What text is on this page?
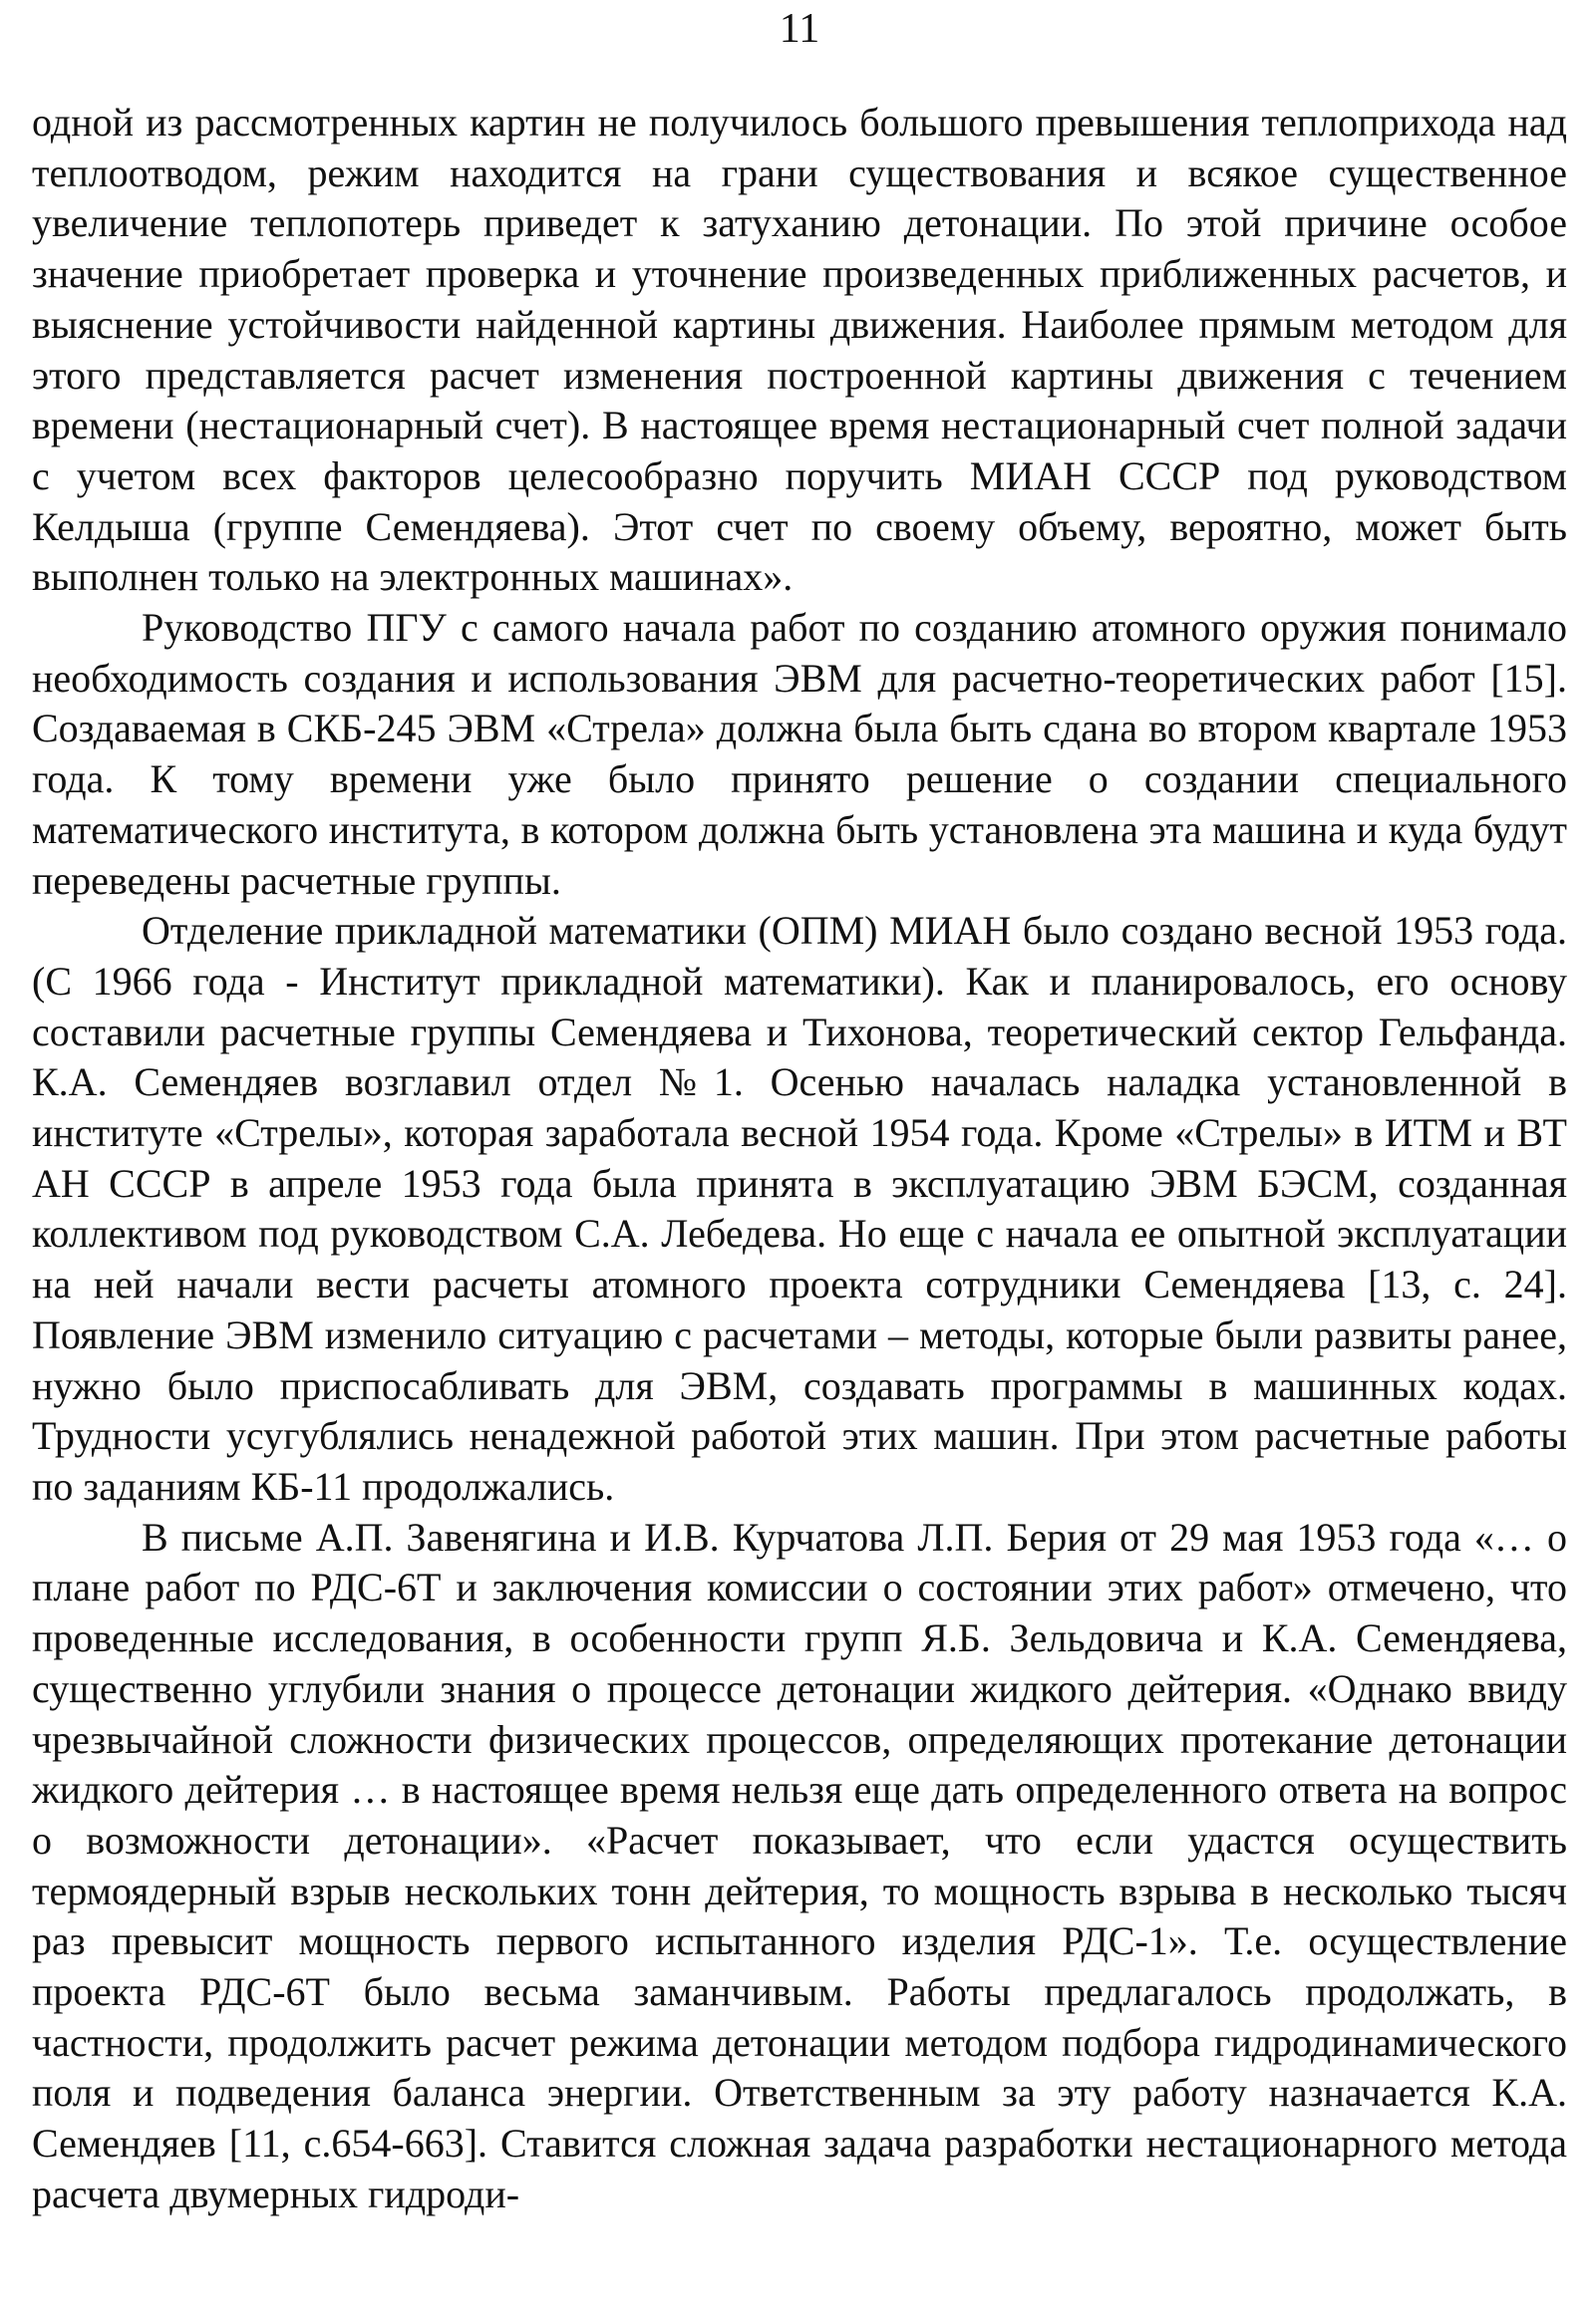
11

одной из рассмотренных картин не получилось большого превышения теплоприхода над теплоотводом, режим находится на грани существования и всякое существенное увеличение теплопотерь приведет к затуханию детонации. По этой причине особое значение приобретает проверка и уточнение произведенных приближенных расчетов, и выяснение устойчивости найденной картины движения. Наиболее прямым методом для этого представляется расчет изменения построенной картины движения с течением времени (нестационарный счет). В настоящее время нестационарный счет полной задачи с учетом всех факторов целесообразно поручить МИАН СССР под руководством Келдыша (группе Семендяева). Этот счет по своему объему, вероятно, может быть выполнен только на электронных машинах».

Руководство ПГУ с самого начала работ по созданию атомного оружия понимало необходимость создания и использования ЭВМ для расчетно-теоретических работ [15]. Создаваемая в СКБ-245 ЭВМ «Стрела» должна была быть сдана во втором квартале 1953 года. К тому времени уже было принято решение о создании специального математического института, в котором должна быть установлена эта машина и куда будут переведены расчетные группы.

Отделение прикладной математики (ОПМ) МИАН было создано весной 1953 года. (С 1966 года - Институт прикладной математики). Как и планировалось, его основу составили расчетные группы Семендяева и Тихонова, теоретический сектор Гельфанда. К.А. Семендяев возглавил отдел №1. Осенью началась наладка установленной в институте «Стрелы», которая заработала весной 1954 года. Кроме «Стрелы» в ИТМ и ВТ АН СССР в апреле 1953 года была принята в эксплуатацию ЭВМ БЭСМ, созданная коллективом под руководством С.А. Лебедева. Но еще с начала ее опытной эксплуатации на ней начали вести расчеты атомного проекта сотрудники Семендяева [13, с. 24]. Появление ЭВМ изменило ситуацию с расчетами – методы, которые были развиты ранее, нужно было приспосабливать для ЭВМ, создавать программы в машинных кодах. Трудности усугублялись ненадежной работой этих машин. При этом расчетные работы по заданиям КБ-11 продолжались.

В письме А.П. Завенягина и И.В. Курчатова Л.П. Берия от 29 мая 1953 года «… о плане работ по РДС-6Т и заключения комиссии о состоянии этих работ» отмечено, что проведенные исследования, в особенности групп Я.Б. Зельдовича и К.А. Семендяева, существенно углубили знания о процессе детонации жидкого дейтерия. «Однако ввиду чрезвычайной сложности физических процессов, определяющих протекание детонации жидкого дейтерия … в настоящее время нельзя еще дать определенного ответа на вопрос о возможности детонации». «Расчет показывает, что если удастся осуществить термоядерный взрыв нескольких тонн дейтерия, то мощность взрыва в несколько тысяч раз превысит мощность первого испытанного изделия РДС-1». Т.е. осуществление проекта РДС-6Т было весьма заманчивым. Работы предлагалось продолжать, в частности, продолжить расчет режима детонации методом подбора гидродинамического поля и подведения баланса энергии. Ответственным за эту работу назначается К.А. Семендяев [11, с.654-663]. Ставится сложная задача разработки нестационарного метода расчета двумерных гидроди-
